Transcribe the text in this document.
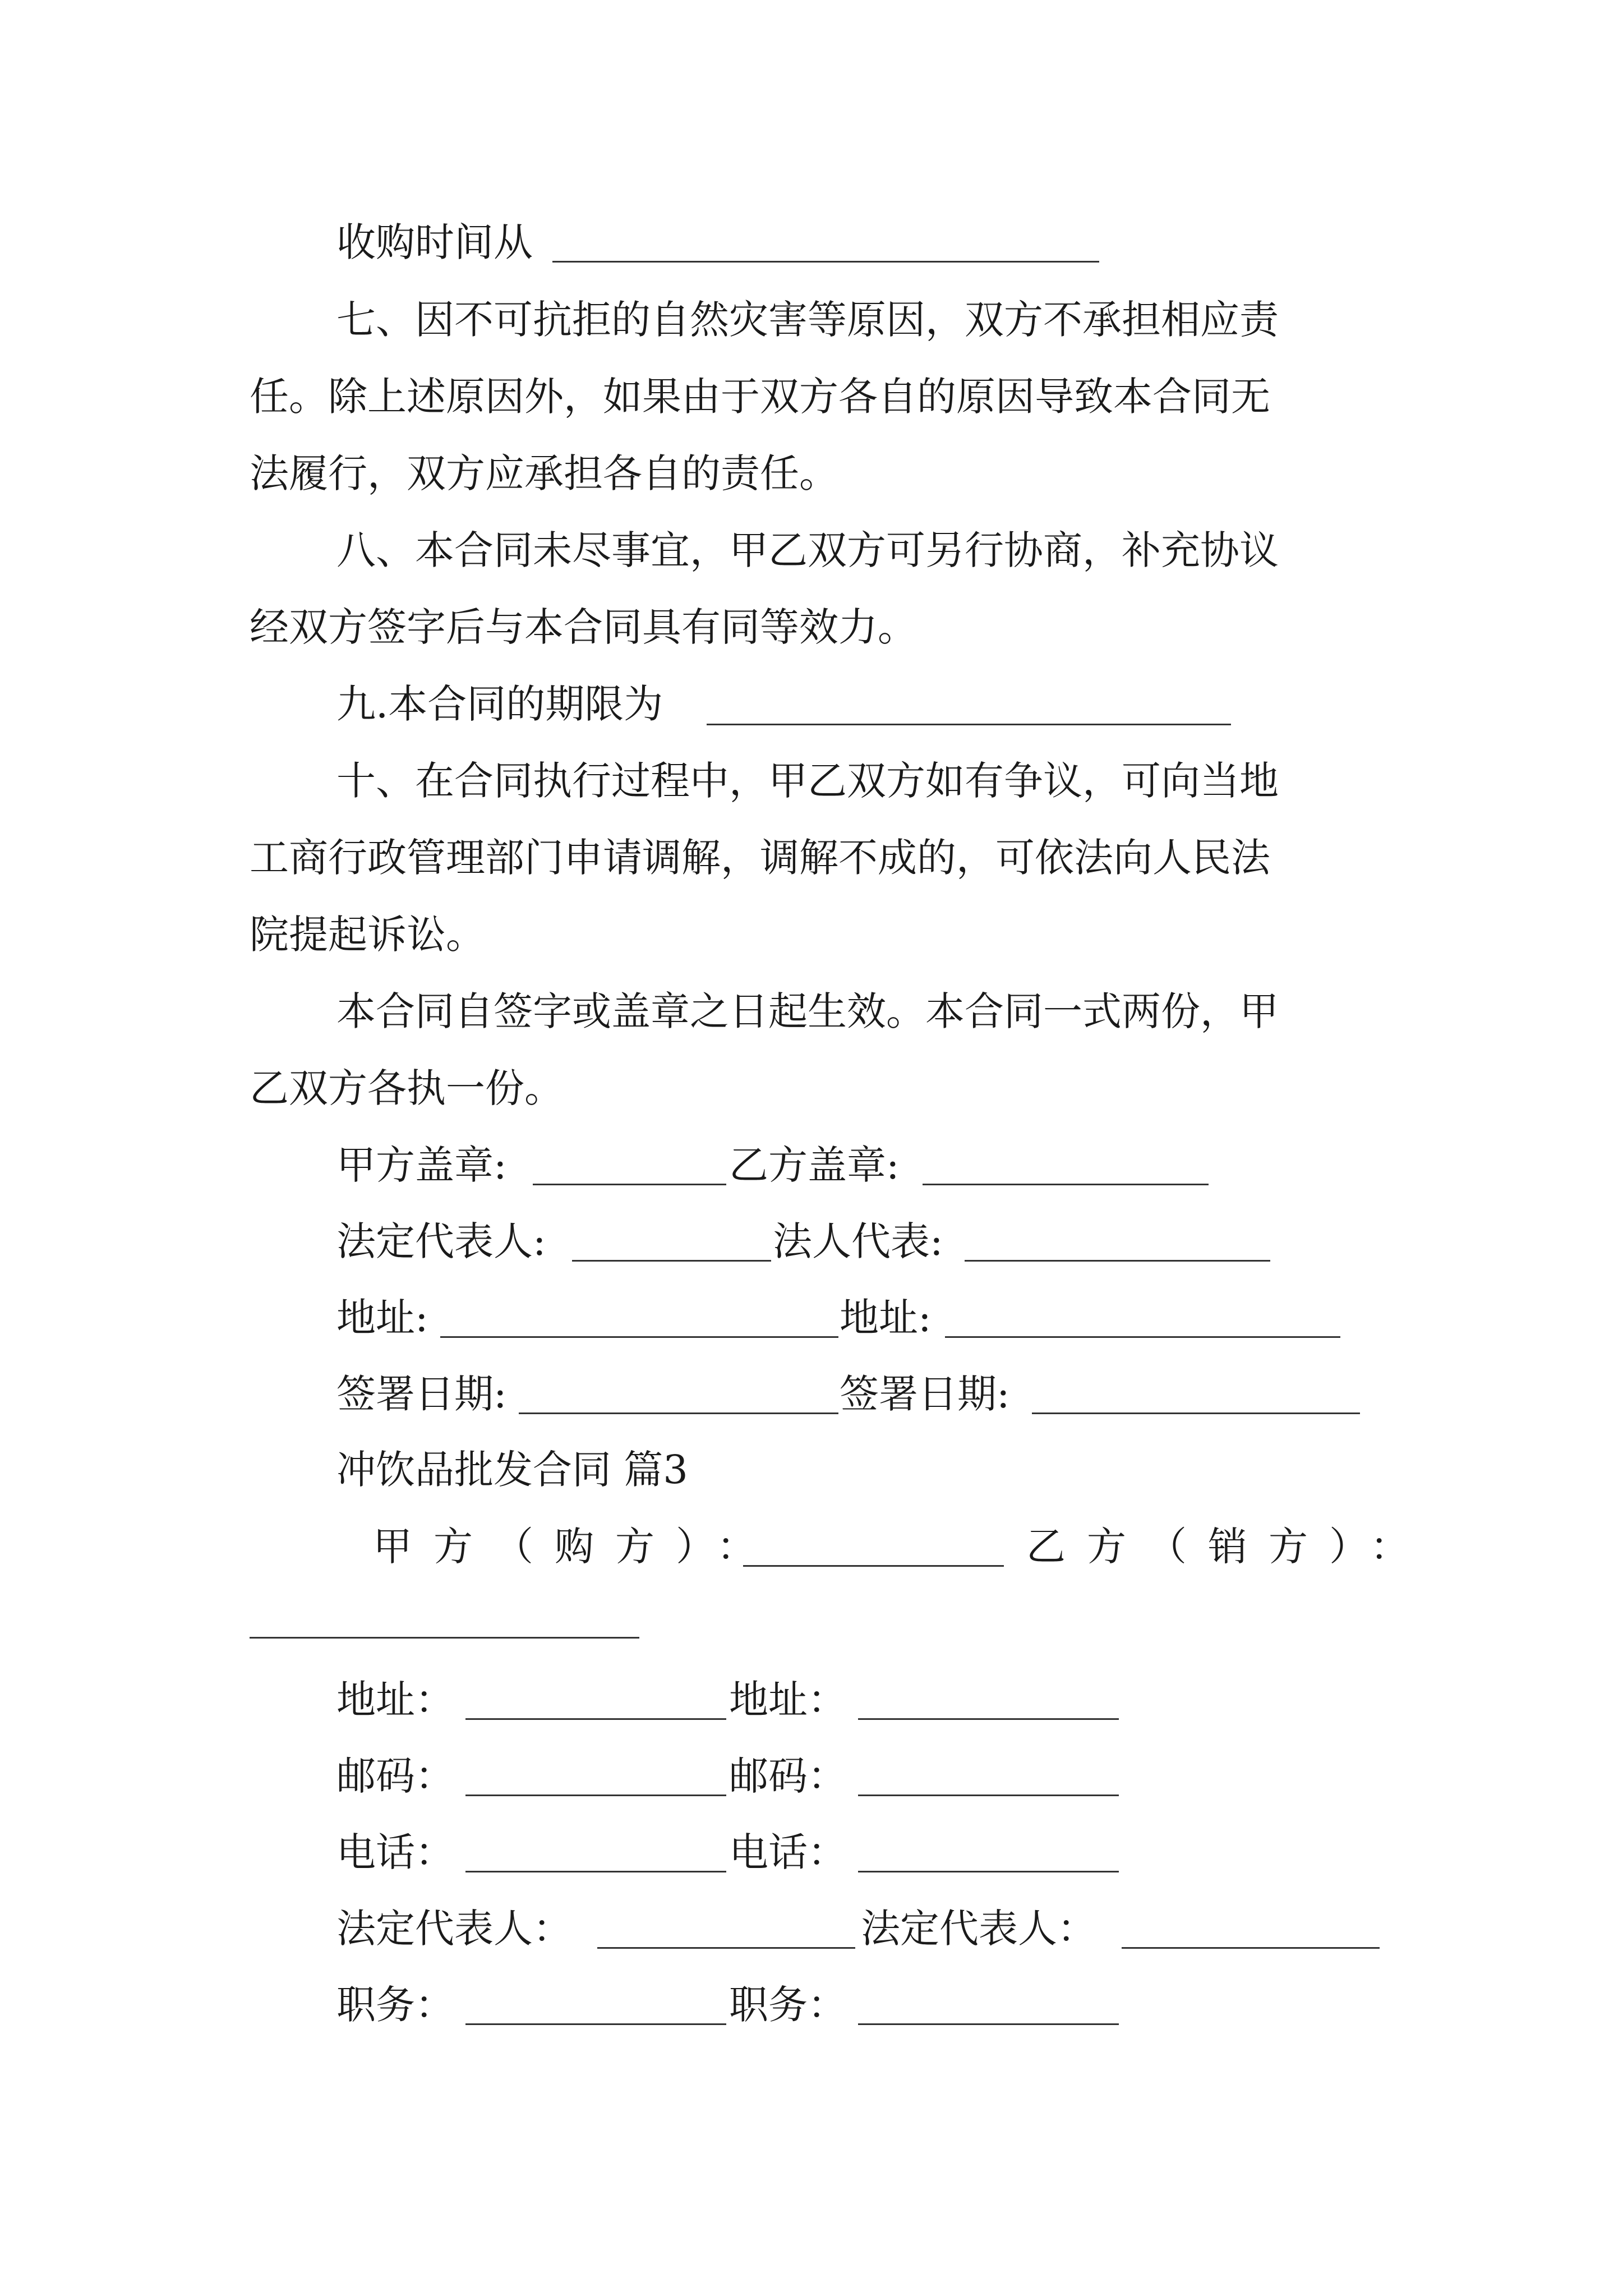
收购时间从
七、因不可抗拒的自然灾害等原因，双方不承担相应责
任。除上述原因外，如果由于双方各自的原因导致本合同无
法履行，双方应承担各自的责任。
八、本合同未尽事宜，甲乙双方可另行协商，补充协议
经双方签字后与本合同具有同等效力。
九.本合同的期限为
十、在合同执行过程中，甲乙双方如有争议，可向当地
工商行政管理部门申请调解，调解不成的，可依法向人民法
院提起诉讼。
本合同自签字或盖章之日起生效。本合同一式两份，甲
乙双方各执一份。
甲方盖章:	乙方盖章:
法定代表人:	法人代表:
地址:	地址:
签署日期:	签署日期:
冲饮品批发合同 篇3
甲方（购方）：	乙方（销方）：
地址：	地址：
邮码：	邮码：
电话：	电话：
法定代表人：	法定代表人：
职务：	职务：
